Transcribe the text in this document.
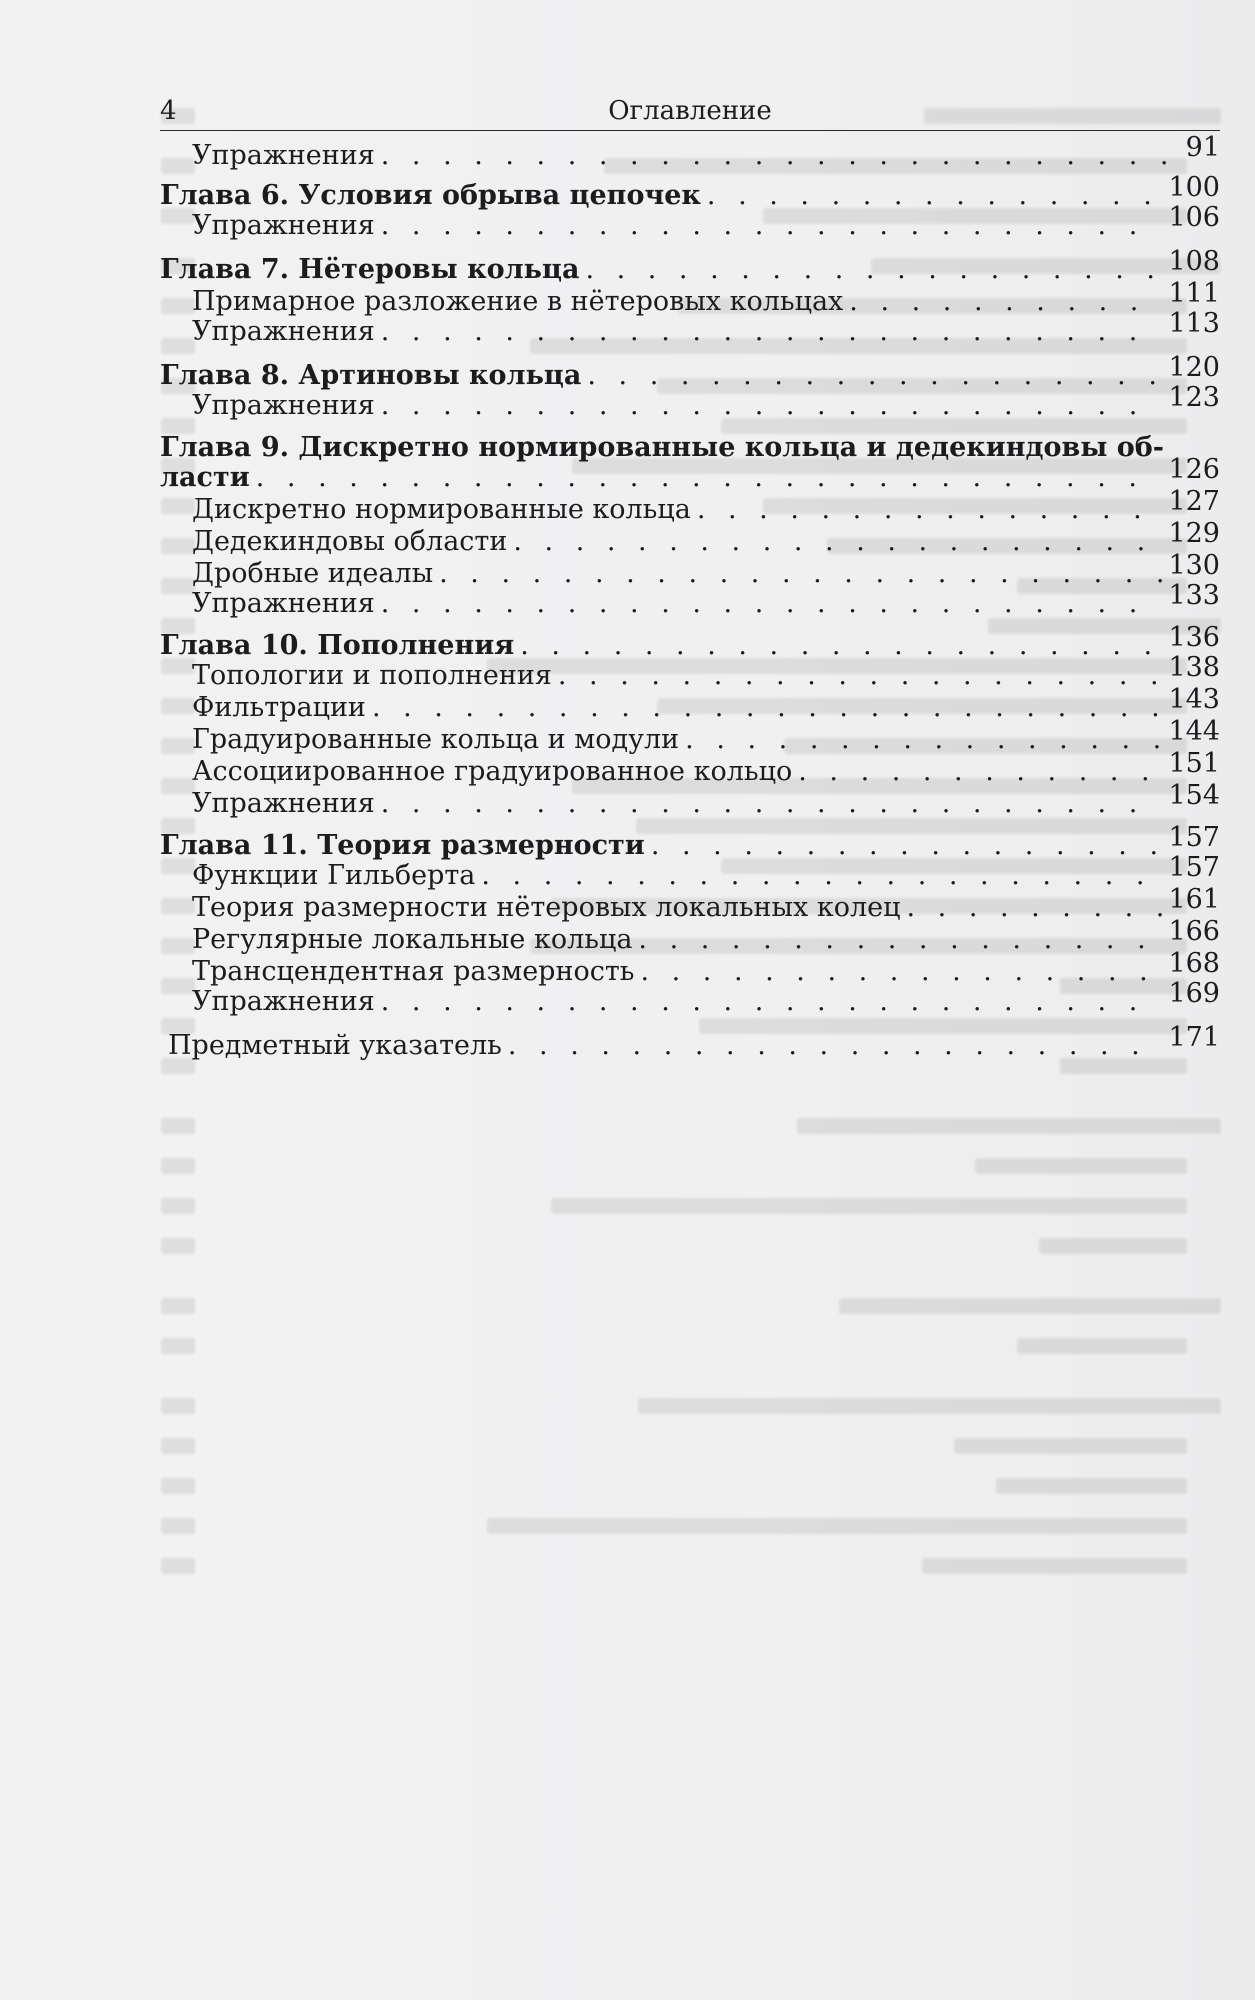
4	Оглавление
Упражнения . . .	91
Глава 6. Условия обрыва цепочек . . .	100
Упражнения . . .	106
Глава 7. Нётеровы кольца . . .	108
Примарное разложение в нётеровых кольцах . . .	111
Упражнения . . .	113
Глава 8. Артиновы кольца . . .	120
Упражнения . . .	123
Глава 9. Дискретно нормированные кольца и дедекиндовы об-
ласти . . .	126
Дискретно нормированные кольца . . .	127
Дедекиндовы области . . .	129
Дробные идеалы . . .	130
Упражнения . . .	133
Глава 10. Пополнения . . .	136
Топологии и пополнения . . .	138
Фильтрации . . .	143
Градуированные кольца и модули . . .	144
Ассоциированное градуированное кольцо . . .	151
Упражнения . . .	154
Глава 11. Теория размерности . . .	157
Функции Гильберта . . .	157
Теория размерности нётеровых локальных колец . . .	161
Регулярные локальные кольца . . .	166
Трансцендентная размерность . . .	168
Упражнения . . .	169
Предметный указатель . . .	171
